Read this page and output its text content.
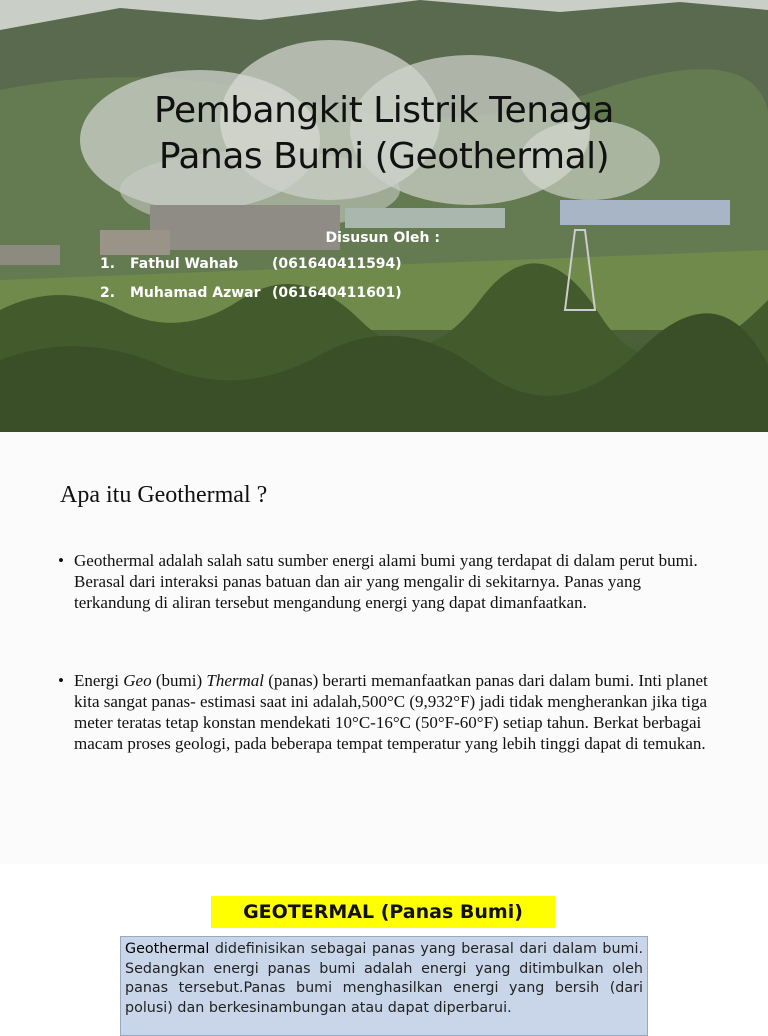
Pembangkit Listrik Tenaga
Panas Bumi (Geothermal)
Disusun Oleh :
1.	Fathul Wahab	(061640411594)
2.	Muhamad Azwar (061640411601)
Apa itu Geothermal ?
• Geothermal adalah salah satu sumber energi alami bumi yang terdapat di dalam perut bumi. Berasal dari interaksi panas batuan dan air yang mengalir di sekitarnya. Panas yang terkandung di aliran tersebut mengandung energi yang dapat dimanfaatkan.
• Energi Geo (bumi) Thermal (panas) berarti memanfaatkan panas dari dalam bumi. Inti planet kita sangat panas- estimasi saat ini adalah,500°C (9,932°F) jadi tidak mengherankan jika tiga meter teratas tetap konstan mendekati 10°C-16°C (50°F-60°F) setiap tahun. Berkat berbagai macam proses geologi, pada beberapa tempat temperatur yang lebih tinggi dapat di temukan.
GEOTERMAL (Panas Bumi)
Geothermal didefinisikan sebagai panas yang berasal dari dalam bumi. Sedangkan energi panas bumi adalah energi yang ditimbulkan oleh panas tersebut.Panas bumi menghasilkan energi yang bersih (dari polusi) dan berkesinambungan atau dapat diperbarui.
